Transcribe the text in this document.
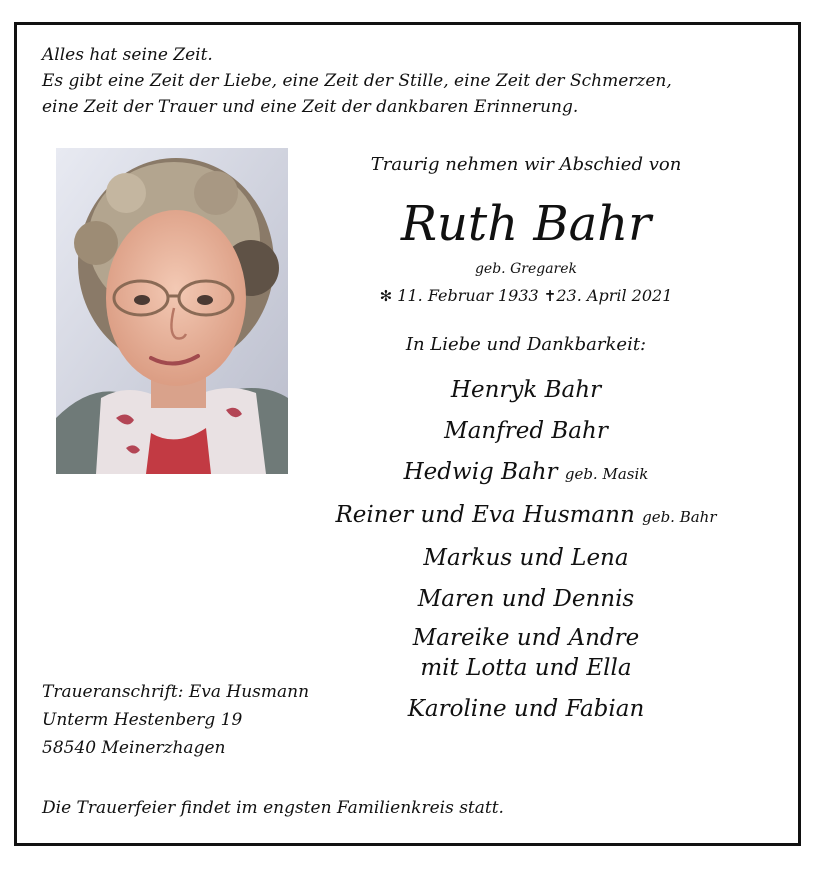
Alles hat seine Zeit.
Es gibt eine Zeit der Liebe, eine Zeit der Stille, eine Zeit der Schmerzen,
eine Zeit der Trauer und eine Zeit der dankbaren Erinnerung.
Traurig nehmen wir Abschied von
Ruth Bahr
geb. Gregarek
✻ 11. Februar 1933 ✝23. April 2021
In Liebe und Dankbarkeit:
Henryk Bahr
Manfred Bahr
Hedwig Bahr geb. Masik
Reiner und Eva Husmann geb. Bahr
Markus und Lena
Maren und Dennis
Mareike und Andre
mit Lotta und Ella
Karoline und Fabian
Traueranschrift: Eva Husmann
Unterm Hestenberg 19
58540 Meinerzhagen
Die Trauerfeier findet im engsten Familienkreis statt.
